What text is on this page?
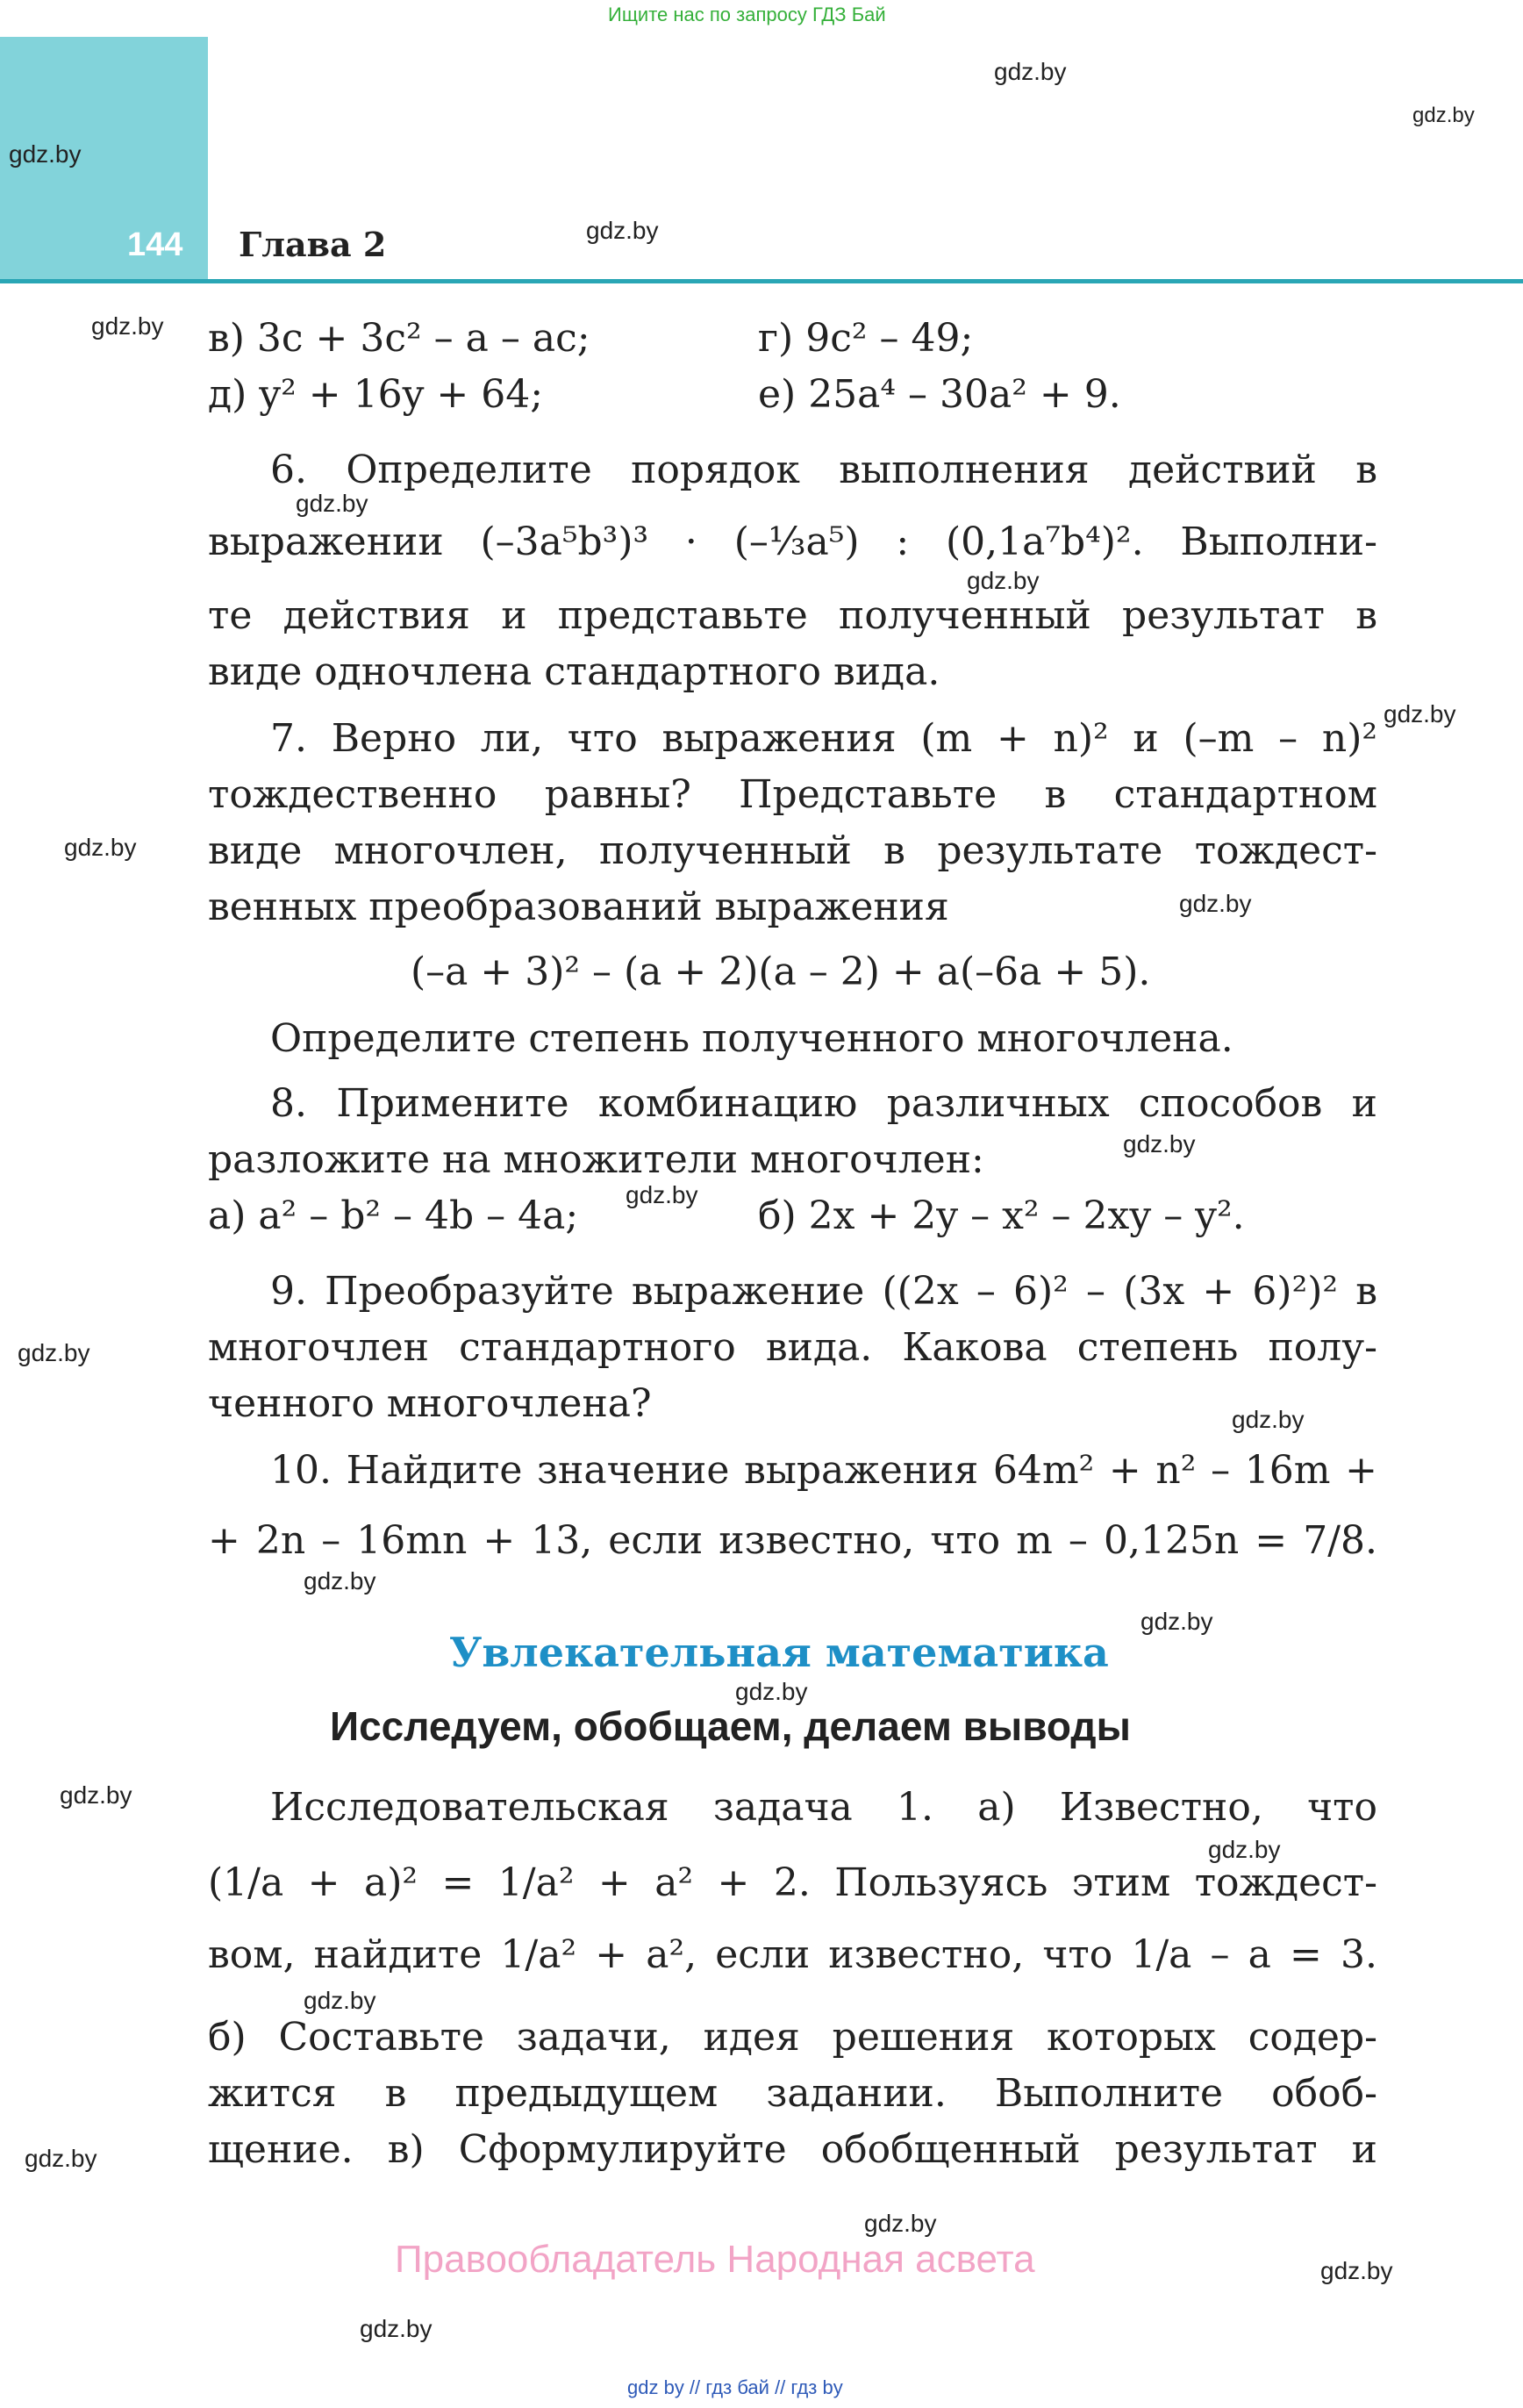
Ищите нас по запросу ГДЗ Бай
144 Глава 2
gdz.by
gdz.by
gdz.by
gdz.by
gdz.by
gdz.by
gdz.by
gdz.by
gdz.by
gdz.by
gdz.by
gdz.by
gdz.by
gdz.by
gdz.by
gdz.by
gdz.by
gdz.by
gdz.by
gdz.by
gdz.by
gdz.by
gdz.by
gdz.by
в) 3c + 3c² – a – ac;	г) 9c² – 49;
д) y² + 16y + 64;	е) 25a⁴ – 30a² + 9.
6. Определите порядок выполнения действий в
выражении (–3a⁵b³)³ · (–⅓a⁵) : (0,1a⁷b⁴)². Выполни-
те действия и представьте полученный результат в
виде одночлена стандартного вида.
7. Верно ли, что выражения (m + n)² и (–m – n)²
тождественно равны? Представьте в стандартном
виде многочлен, полученный в результате тождест-
венных преобразований выражения
(–a + 3)² – (a + 2)(a – 2) + a(–6a + 5).
Определите степень полученного многочлена.
8. Примените комбинацию различных способов и
разложите на множители многочлен:
а) a² – b² – 4b – 4a;	б) 2x + 2y – x² – 2xy – y².
9. Преобразуйте выражение ((2x – 6)² – (3x + 6)²)² в
многочлен стандартного вида. Какова степень полу-
ченного многочлена?
10. Найдите значение выражения 64m² + n² – 16m +
+ 2n – 16mn + 13, если известно, что m – 0,125n = 7/8.
Увлекательная математика
Исследуем, обобщаем, делаем выводы
Исследовательская задача 1. а) Известно, что
(1/a + a)² = 1/a² + a² + 2. Пользуясь этим тождест-
вом, найдите 1/a² + a², если известно, что 1/a – a = 3.
б) Составьте задачи, идея решения которых содер-
жится в предыдущем задании. Выполните обоб-
щение. в) Сформулируйте обобщенный результат и
Правообладатель Народная асвета
gdz by // гдз бай // гдз by
